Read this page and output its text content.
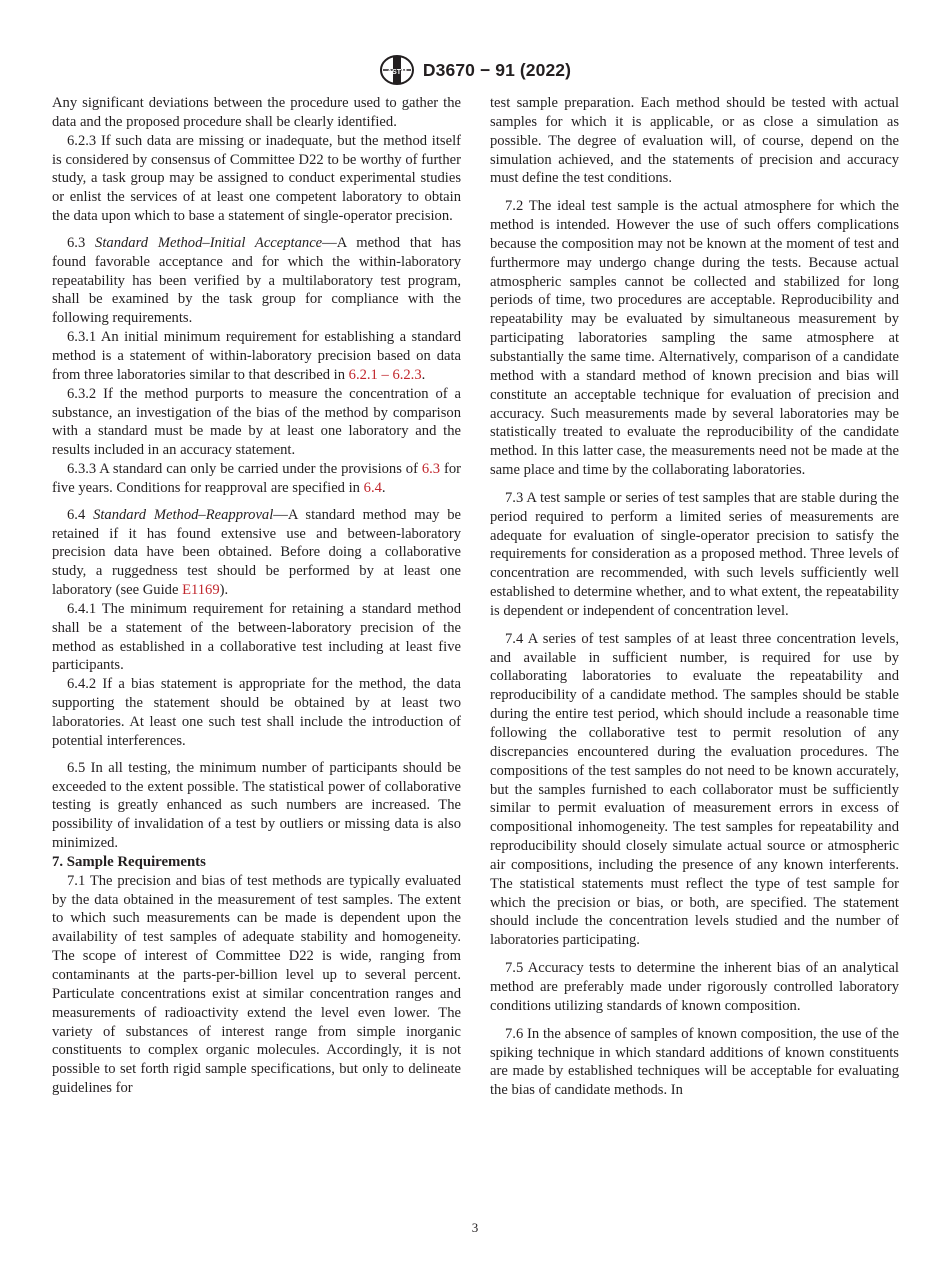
ASTM D3670 − 91 (2022)

Any significant deviations between the procedure used to gather the data and the proposed procedure shall be clearly identified.

6.2.3 If such data are missing or inadequate, but the method itself is considered by consensus of Committee D22 to be worthy of further study, a task group may be assigned to conduct experimental studies or enlist the services of at least one competent laboratory to obtain the data upon which to base a statement of single-operator precision.

6.3 Standard Method–Initial Acceptance—A method that has found favorable acceptance and for which the within-laboratory repeatability has been verified by a multilaboratory test program, shall be examined by the task group for compliance with the following requirements.

6.3.1 An initial minimum requirement for establishing a standard method is a statement of within-laboratory precision based on data from three laboratories similar to that described in 6.2.1 – 6.2.3.

6.3.2 If the method purports to measure the concentration of a substance, an investigation of the bias of the method by comparison with a standard must be made by at least one laboratory and the results included in an accuracy statement.

6.3.3 A standard can only be carried under the provisions of 6.3 for five years. Conditions for reapproval are specified in 6.4.

6.4 Standard Method–Reapproval—A standard method may be retained if it has found extensive use and between-laboratory precision data have been obtained. Before doing a collaborative study, a ruggedness test should be performed by at least one laboratory (see Guide E1169).

6.4.1 The minimum requirement for retaining a standard method shall be a statement of the between-laboratory precision of the method as established in a collaborative test including at least five participants.

6.4.2 If a bias statement is appropriate for the method, the data supporting the statement should be obtained by at least two laboratories. At least one such test shall include the introduction of potential interferences.

6.5 In all testing, the minimum number of participants should be exceeded to the extent possible. The statistical power of collaborative testing is greatly enhanced as such numbers are increased. The possibility of invalidation of a test by outliers or missing data is also minimized.

7. Sample Requirements

7.1 The precision and bias of test methods are typically evaluated by the data obtained in the measurement of test samples. The extent to which such measurements can be made is dependent upon the availability of test samples of adequate stability and homogeneity. The scope of interest of Committee D22 is wide, ranging from contaminants at the parts-per-billion level up to several percent. Particulate concentrations exist at similar concentration ranges and measurements of radioactivity extend the level even lower. The variety of substances of interest range from simple inorganic constituents to complex organic molecules. Accordingly, it is not possible to set forth rigid sample specifications, but only to delineate guidelines for

test sample preparation. Each method should be tested with actual samples for which it is applicable, or as close a simulation as possible. The degree of evaluation will, of course, depend on the simulation achieved, and the statements of precision and accuracy must define the test conditions.

7.2 The ideal test sample is the actual atmosphere for which the method is intended. However the use of such offers complications because the composition may not be known at the moment of test and furthermore may undergo change during the tests. Because actual atmospheric samples cannot be collected and stabilized for long periods of time, two procedures are acceptable. Reproducibility and repeatability may be evaluated by simultaneous measurement by participating laboratories sampling the same atmosphere at substantially the same time. Alternatively, comparison of a candidate method with a standard method of known precision and bias will constitute an acceptable technique for evaluation of precision and accuracy. Such measurements made by several laboratories may be statistically treated to evaluate the reproducibility of the candidate method. In this latter case, the measurements need not be made at the same place and time by the collaborating laboratories.

7.3 A test sample or series of test samples that are stable during the period required to perform a limited series of measurements are adequate for evaluation of single-operator precision to satisfy the requirements for consideration as a proposed method. Three levels of concentration are recommended, with such levels sufficiently well established to determine whether, and to what extent, the repeatability is dependent or independent of concentration level.

7.4 A series of test samples of at least three concentration levels, and available in sufficient number, is required for use by collaborating laboratories to evaluate the repeatability and reproducibility of a candidate method. The samples should be stable during the entire test period, which should include a reasonable time following the collaborative test to permit resolution of any discrepancies encountered during the evaluation procedures. The compositions of the test samples do not need to be known accurately, but the samples furnished to each collaborator must be sufficiently similar to permit evaluation of measurement errors in excess of compositional inhomogeneity. The test samples for repeatability and reproducibility should closely simulate actual source or atmospheric air compositions, including the presence of any known interferents. The statistical statements must reflect the type of test sample for which the precision or bias, or both, are specified. The statement should include the concentration levels studied and the number of laboratories participating.

7.5 Accuracy tests to determine the inherent bias of an analytical method are preferably made under rigorously controlled laboratory conditions utilizing standards of known composition.

7.6 In the absence of samples of known composition, the use of the spiking technique in which standard additions of known constituents are made by established techniques will be acceptable for evaluating the bias of candidate methods. In

3
